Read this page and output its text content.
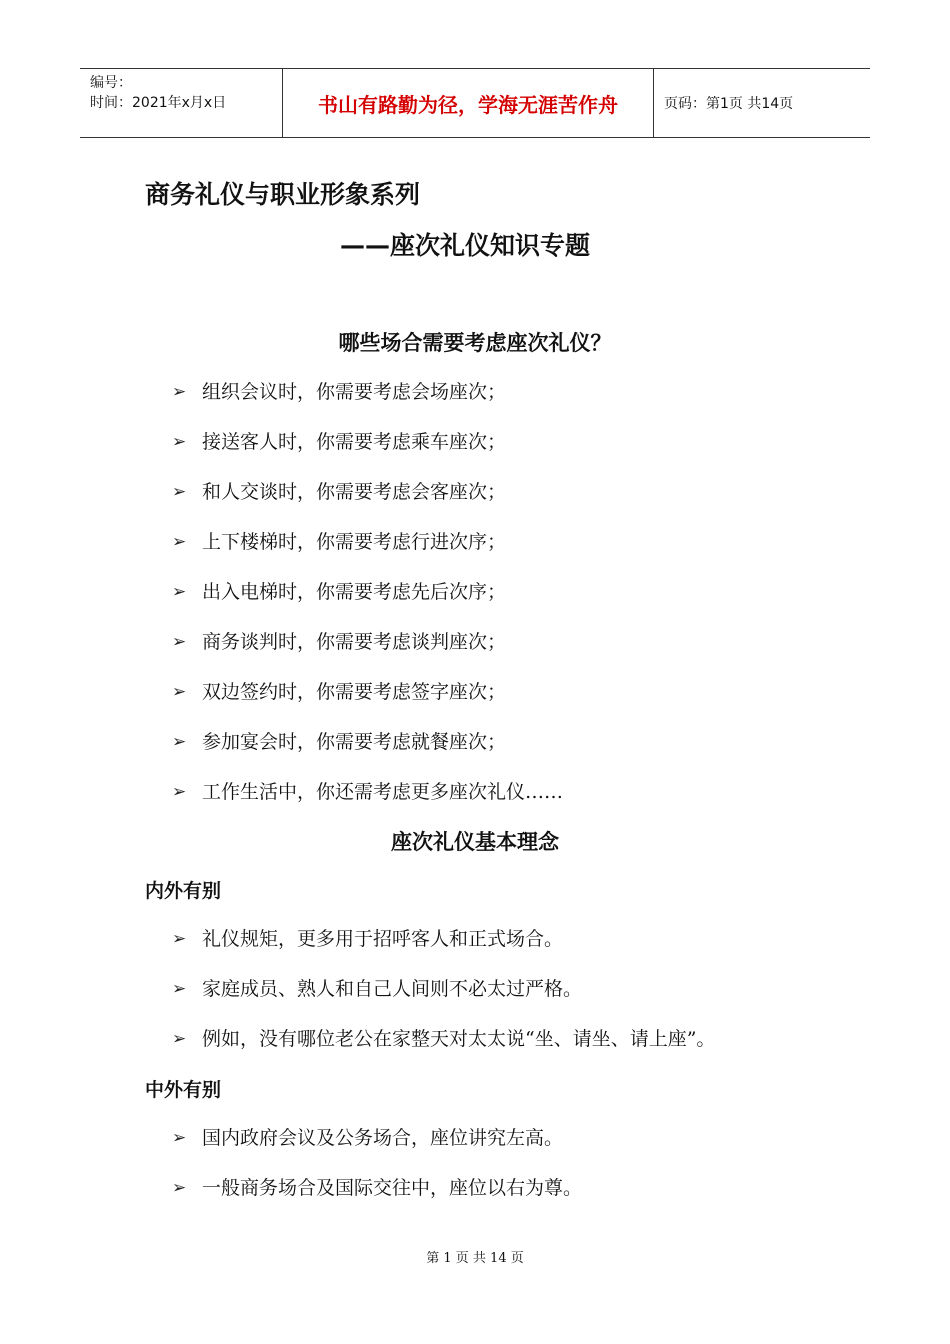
编号：
时间：2021年x月x日	书山有路勤为径，学海无涯苦作舟	页码：第1页 共14页
商务礼仪与职业形象系列
——座次礼仪知识专题
哪些场合需要考虑座次礼仪？
➢ 组织会议时，你需要考虑会场座次；
➢ 接送客人时，你需要考虑乘车座次；
➢ 和人交谈时，你需要考虑会客座次；
➢ 上下楼梯时，你需要考虑行进次序；
➢ 出入电梯时，你需要考虑先后次序；
➢ 商务谈判时，你需要考虑谈判座次；
➢ 双边签约时，你需要考虑签字座次；
➢ 参加宴会时，你需要考虑就餐座次；
➢ 工作生活中，你还需考虑更多座次礼仪……
座次礼仪基本理念
内外有别
➢ 礼仪规矩，更多用于招呼客人和正式场合。
➢ 家庭成员、熟人和自己人间则不必太过严格。
➢ 例如，没有哪位老公在家整天对太太说“坐、请坐、请上座”。
中外有别
➢ 国内政府会议及公务场合，座位讲究左高。
➢ 一般商务场合及国际交往中，座位以右为尊。
第 1 页 共 14 页
